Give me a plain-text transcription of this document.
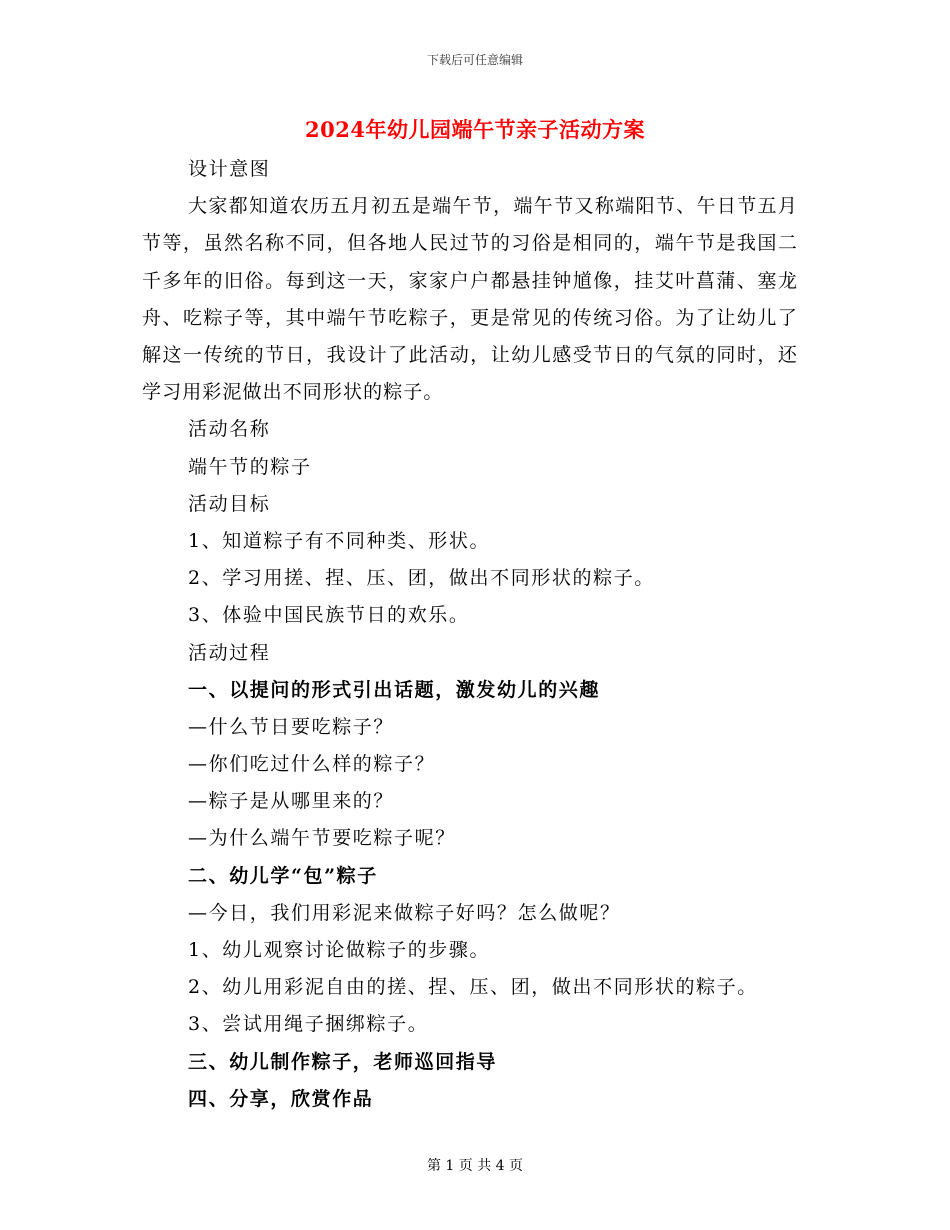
下载后可任意编辑
2024年幼儿园端午节亲子活动方案
设计意图
大家都知道农历五月初五是端午节，端午节又称端阳节、午日节五月节等，虽然名称不同，但各地人民过节的习俗是相同的，端午节是我国二千多年的旧俗。每到这一天，家家户户都悬挂钟馗像，挂艾叶菖蒲、塞龙舟、吃粽子等，其中端午节吃粽子，更是常见的传统习俗。为了让幼儿了解这一传统的节日，我设计了此活动，让幼儿感受节日的气氛的同时，还学习用彩泥做出不同形状的粽子。
活动名称
端午节的粽子
活动目标
1、知道粽子有不同种类、形状。
2、学习用搓、捏、压、团，做出不同形状的粽子。
3、体验中国民族节日的欢乐。
活动过程
一、以提问的形式引出话题，激发幼儿的兴趣
—什么节日要吃粽子？
—你们吃过什么样的粽子？
—粽子是从哪里来的？
—为什么端午节要吃粽子呢？
二、幼儿学“包”粽子
—今日，我们用彩泥来做粽子好吗？怎么做呢？
1、幼儿观察讨论做粽子的步骤。
2、幼儿用彩泥自由的搓、捏、压、团，做出不同形状的粽子。
3、尝试用绳子捆绑粽子。
三、幼儿制作粽子，老师巡回指导
四、分享，欣赏作品
第 1 页 共 4 页
